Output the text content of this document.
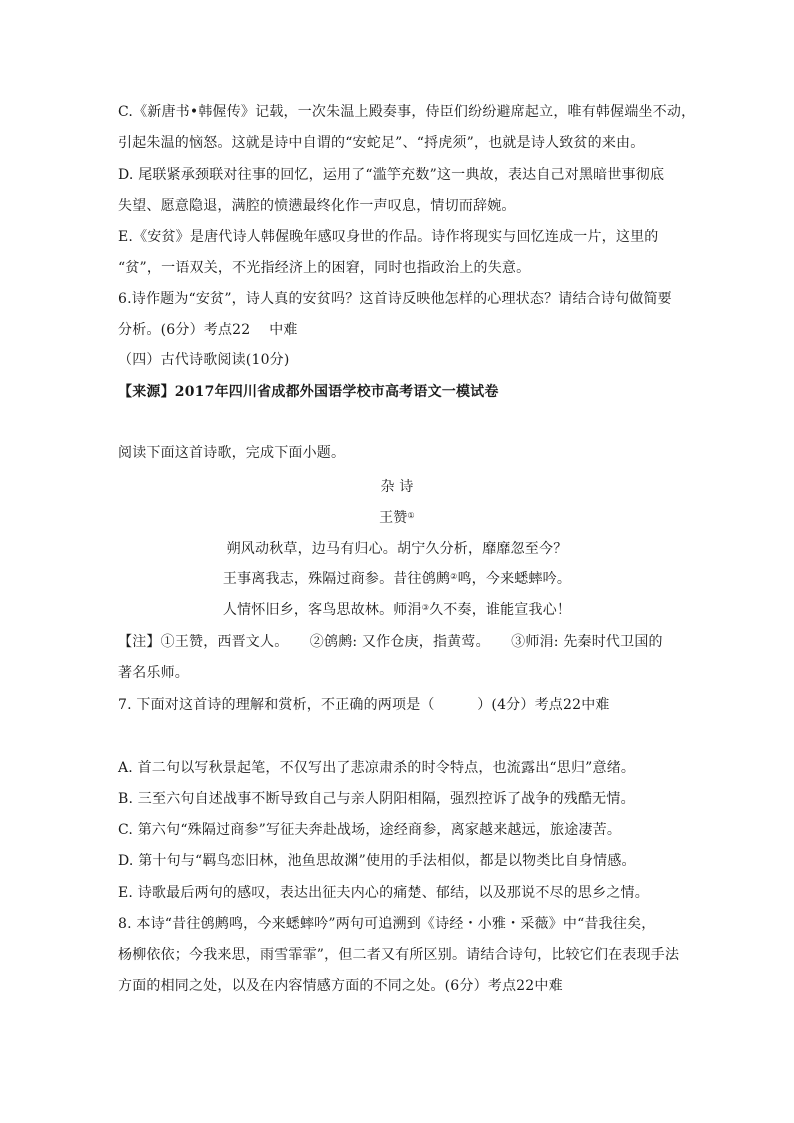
C.《新唐书•韩偓传》记载，一次朱温上殿奏事，侍臣们纷纷避席起立，唯有韩偓端坐不动，
引起朱温的恼怒。这就是诗中自谓的“安蛇足”、“捋虎须”，也就是诗人致贫的来由。
D. 尾联紧承颈联对往事的回忆，运用了“滥竽充数”这一典故，表达自己对黑暗世事彻底
失望、愿意隐退，满腔的愤懑最终化作一声叹息，情切而辞婉。
E.《安贫》是唐代诗人韩偓晚年感叹身世的作品。诗作将现实与回忆连成一片，这里的
“贫”，一语双关，不光指经济上的困窘，同时也指政治上的失意。
6.诗作题为“安贫”，诗人真的安贫吗？这首诗反映他怎样的心理状态？请结合诗句做简要
分析。(6分）考点22　 中难
（四）古代诗歌阅读(10分)
【来源】2017年四川省成都外国语学校市高考语文一模试卷
阅读下面这首诗歌，完成下面小题。
杂 诗
王赞①
朔风动秋草，边马有归心。胡宁久分析，靡靡忽至今？
王事离我志，殊隔过商参。昔往鸧鹒②鸣，今来蟋蟀吟。
人情怀旧乡，客鸟思故林。师涓③久不奏，谁能宣我心！
【注】①王赞，西晋文人。　　②鸧鹒: 又作仓庚，指黄莺。　　③师涓: 先秦时代卫国的
著名乐师。
7. 下面对这首诗的理解和赏析，不正确的两项是（　　　）(4分）考点22中难
A. 首二句以写秋景起笔，不仅写出了悲凉肃杀的时令特点，也流露出“思归”意绪。
B. 三至六句自述战事不断导致自己与亲人阴阳相隔，强烈控诉了战争的残酷无情。
C. 第六句“殊隔过商参”写征夫奔赴战场，途经商参，离家越来越远，旅途凄苦。
D. 第十句与“羁鸟恋旧林，池鱼思故渊”使用的手法相似，都是以物类比自身情感。
E. 诗歌最后两句的感叹，表达出征夫内心的痛楚、郁结，以及那说不尽的思乡之情。
8. 本诗“昔往鸧鹒鸣，今来蟋蟀吟”两句可追溯到《诗经・小雅・采薇》中“昔我往矣，
杨柳依依；今我来思，雨雪霏霏”，但二者又有所区别。请结合诗句，比较它们在表现手法
方面的相同之处，以及在内容情感方面的不同之处。(6分）考点22中难
